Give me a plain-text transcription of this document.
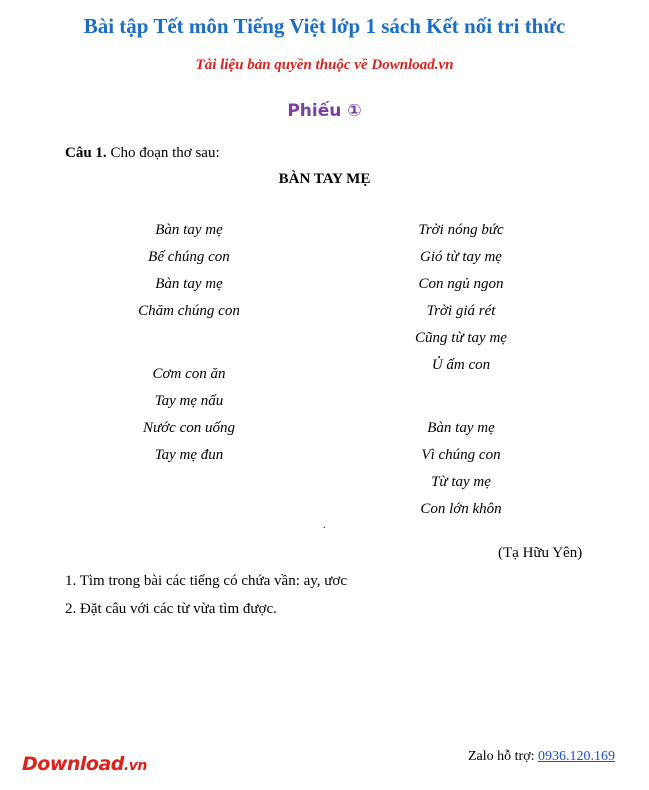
Bài tập Tết môn Tiếng Việt lớp 1 sách Kết nối tri thức
Tài liệu bản quyền thuộc về Download.vn
Phiếu ①
Câu 1. Cho đoạn thơ sau:
BÀN TAY MẸ
Bàn tay mẹ
Bế chúng con
Bàn tay mẹ
Chăm chúng con
Cơm con ăn
Tay mẹ nấu
Nước con uống
Tay mẹ đun
Trời nóng bức
Gió từ tay mẹ
Con ngủ ngon
Trời giá rét
Cũng từ tay mẹ
Ủ ấm con
Bàn tay mẹ
Vì chúng con
Từ tay mẹ
Con lớn khôn
.
(Tạ Hữu Yên)
1. Tìm trong bài các tiếng có chứa vần: ay, ươc
2. Đặt câu với các từ vừa tìm được.
Download.vn
Zalo hỗ trợ: 0936.120.169
